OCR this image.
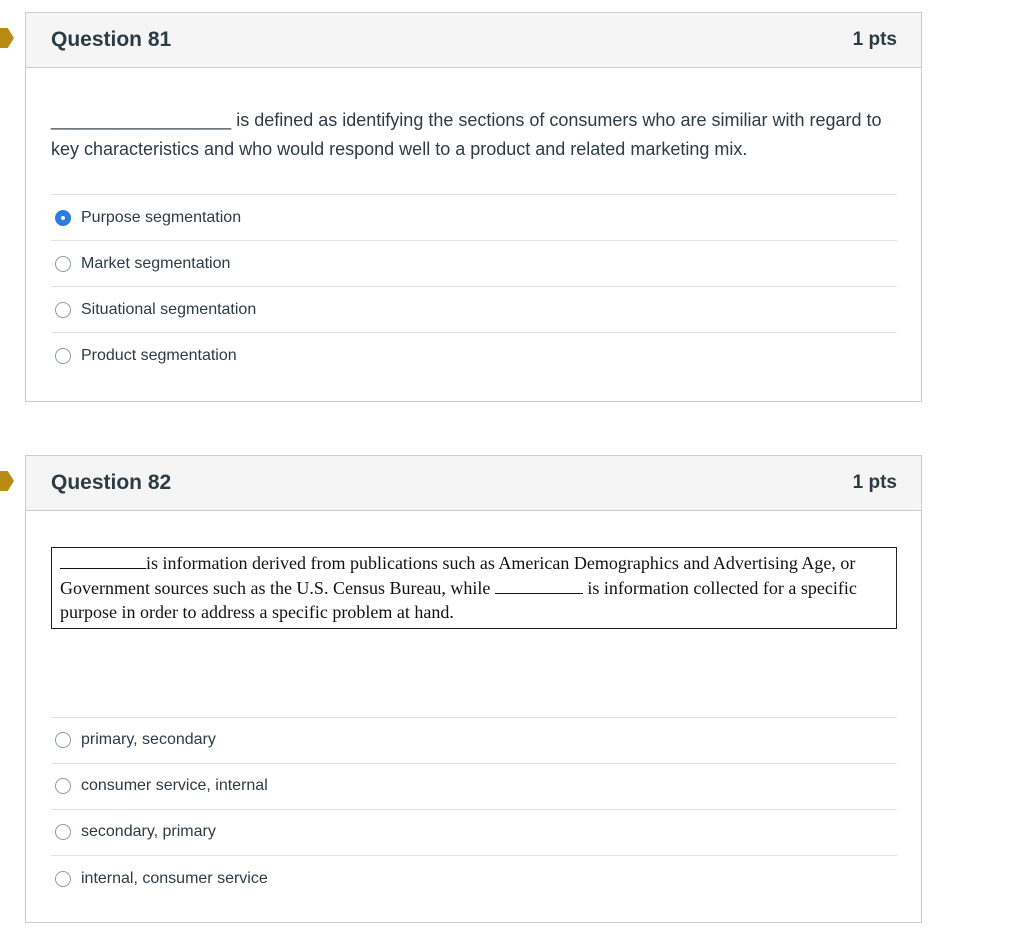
Question 81	1 pts
__________________ is defined as identifying the sections of consumers who are similiar with regard to key characteristics and who would respond well to a product and related marketing mix.
Purpose segmentation
Market segmentation
Situational segmentation
Product segmentation
Question 82	1 pts
is information derived from publications such as American Demographics and Advertising Age, or Government sources such as the U.S. Census Bureau, while	is information collected for a specific purpose in order to address a specific problem at hand.
primary, secondary
consumer service, internal
secondary, primary
internal, consumer service
